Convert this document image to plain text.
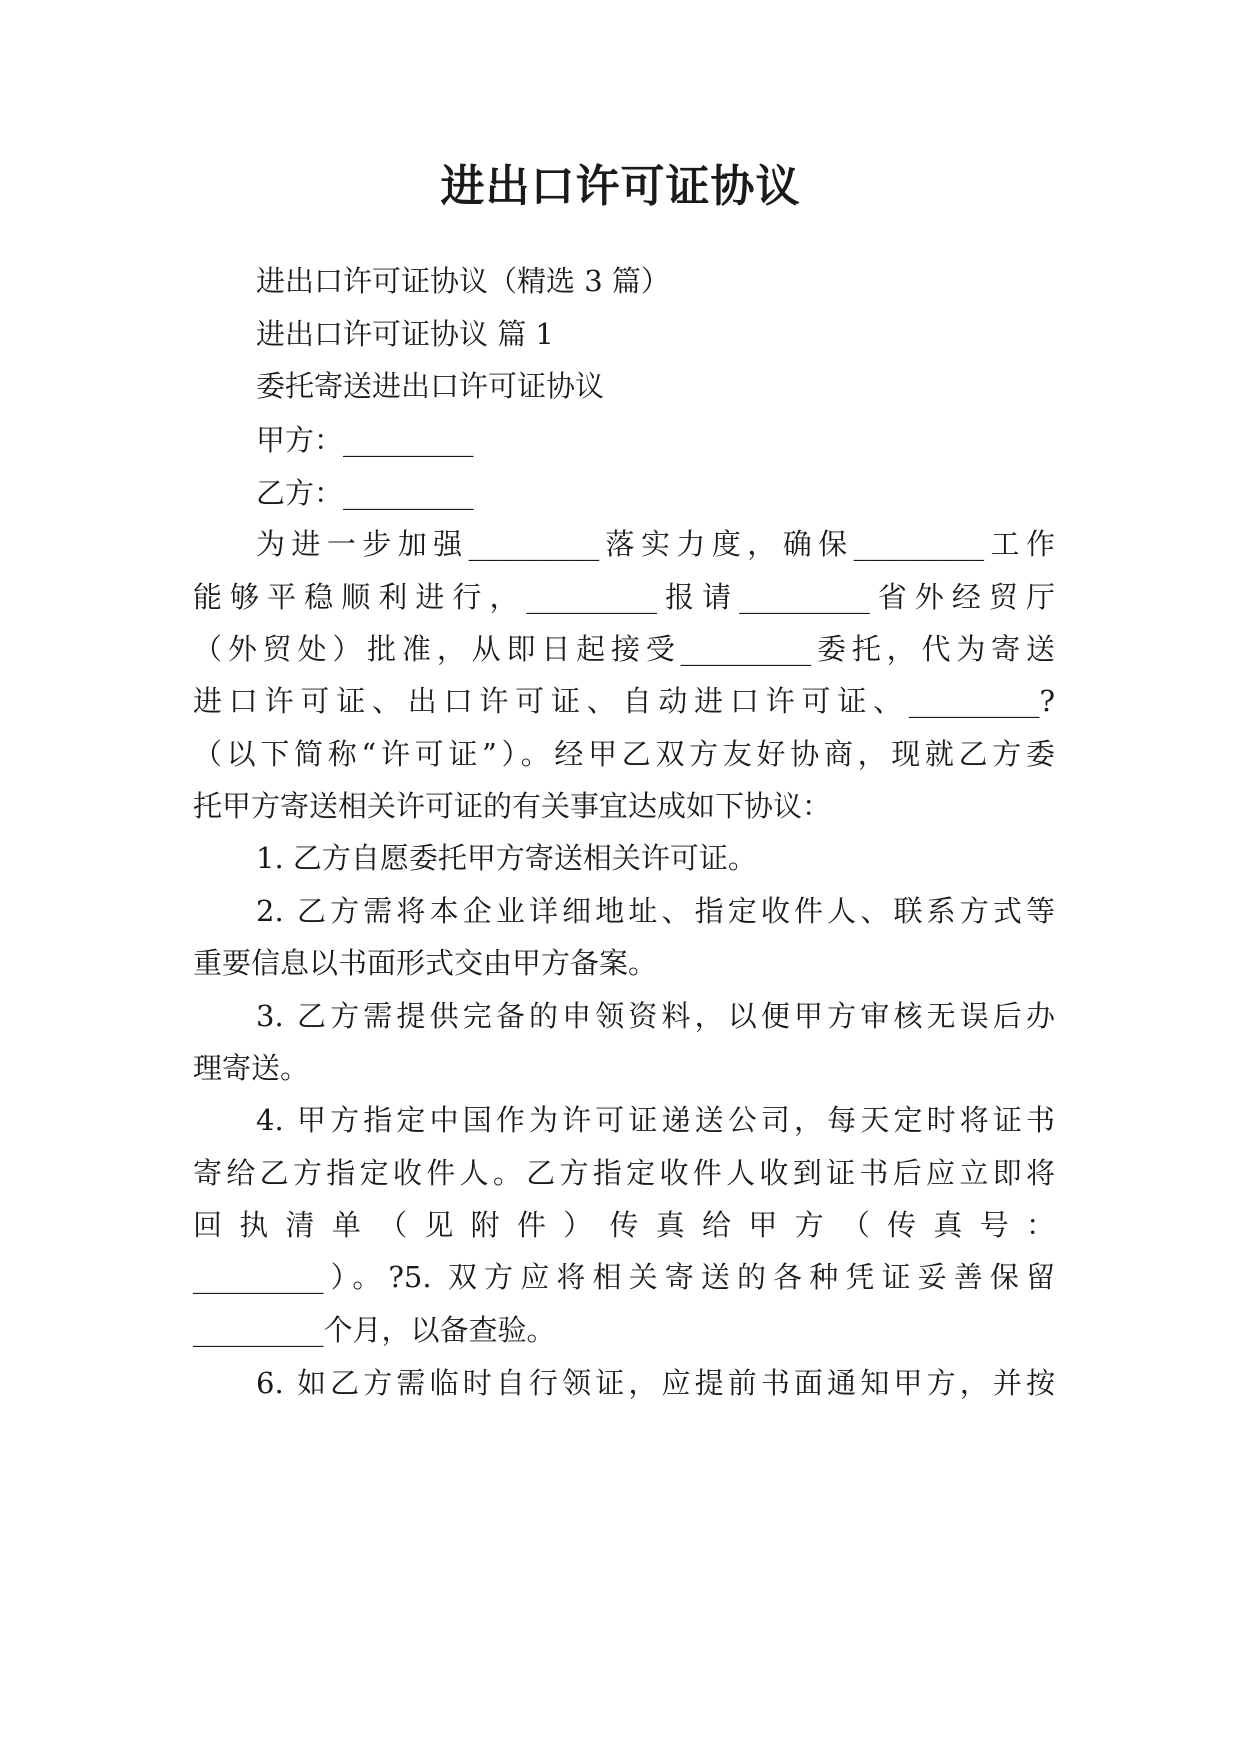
进出口许可证协议
进出口许可证协议（精选 3 篇）
进出口许可证协议 篇 1
委托寄送进出口许可证协议
甲方：_________
乙方：_________
为进一步加强_________落实力度，确保_________工作
能够平稳顺利进行，_________报请_________省外经贸厅
（外贸处）批准，从即日起接受_________委托，代为寄送
进口许可证、出口许可证、自动进口许可证、_________?
（以下简称“许可证”）。经甲乙双方友好协商，现就乙方委
托甲方寄送相关许可证的有关事宜达成如下协议：
1. 乙方自愿委托甲方寄送相关许可证。
2. 乙方需将本企业详细地址、指定收件人、联系方式等
重要信息以书面形式交由甲方备案。
3. 乙方需提供完备的申领资料，以便甲方审核无误后办
理寄送。
4. 甲方指定中国作为许可证递送公司，每天定时将证书
寄给乙方指定收件人。乙方指定收件人收到证书后应立即将
回执清单（见附件）传真给甲方（传真号：
_________）。?5. 双方应将相关寄送的各种凭证妥善保留
_________个月，以备查验。
6. 如乙方需临时自行领证，应提前书面通知甲方，并按
